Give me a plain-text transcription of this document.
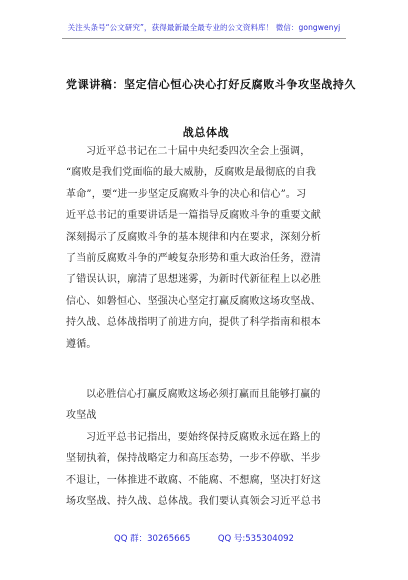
关注头条号“公文研究”，获得最新最全最专业的公文资料库！ 微信：gongwenyj
党课讲稿：坚定信心恒心决心打好反腐败斗争攻坚战持久
战总体战
习近平总书记在二十届中央纪委四次全会上强调，
“腐败是我们党面临的最大威胁，反腐败是最彻底的自我
革命”，要“进一步坚定反腐败斗争的决心和信心”。习
近平总书记的重要讲话是一篇指导反腐败斗争的重要文献
深刻揭示了反腐败斗争的基本规律和内在要求，深刻分析
了当前反腐败斗争的严峻复杂形势和重大政治任务，澄清
了错误认识，廓清了思想迷雾，为新时代新征程上以必胜
信心、如磐恒心、坚强决心坚定打赢反腐败这场攻坚战、
持久战、总体战指明了前进方向，提供了科学指南和根本
遵循。
以必胜信心打赢反腐败这场必须打赢而且能够打赢的
攻坚战
习近平总书记指出，要始终保持反腐败永远在路上的
坚韧执着，保持战略定力和高压态势，一步不停歇、半步
不退让，一体推进不敢腐、不能腐、不想腐，坚决打好这
场攻坚战、持久战、总体战。我们要认真领会习近平总书
QQ 群：30265665	QQ 号:535304092
